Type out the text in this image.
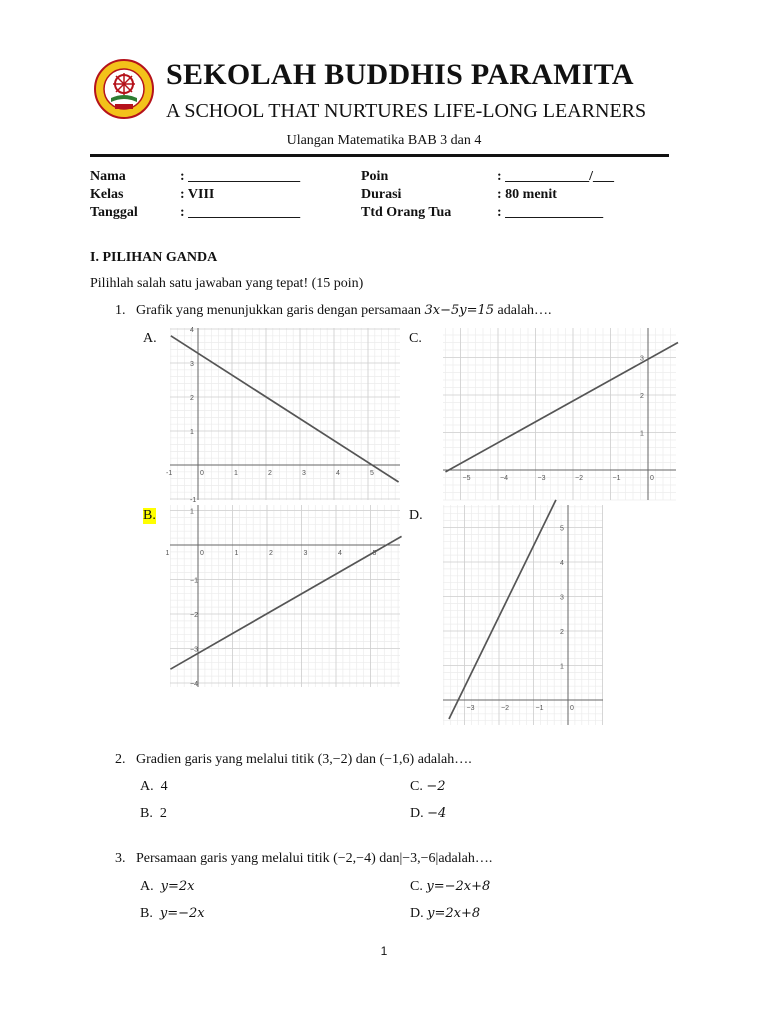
SEKOLAH BUDDHIS PARAMITA
A SCHOOL THAT NURTURES LIFE-LONG LEARNERS
Ulangan Matematika BAB 3 dan 4
Nama	: ________________
Kelas	: VIII
Tanggal	: ________________
Poin	: ____________/___
Durasi	: 80 menit
Ttd Orang Tua	: ______________
I. PILIHAN GANDA
Pilihlah salah satu jawaban yang tepat! (15 poin)
1. Grafik yang menunjukkan garis dengan persamaan 3x−5y=15 adalah….
A.	C.
B.	D.
-1	0	1	2	3	4	5
1
2
3
4
-1
−5	−4	−3	−2	−1	0
1
2
3
1	0	1	2	3	4	5
1
−1
−2
−3
−4
−3	−2	−1	0
1
2
3
4
5
2. Gradien garis yang melalui titik (3,−2) dan (−1,6) adalah….
A. 4
B. 2
C. −2
D. −4
3. Persamaan garis yang melalui titik (−2,−4) dan|−3,−6|adalah….
A. y=2x
B. y=−2x
C. y=−2x+8
D. y=2x+8
1
